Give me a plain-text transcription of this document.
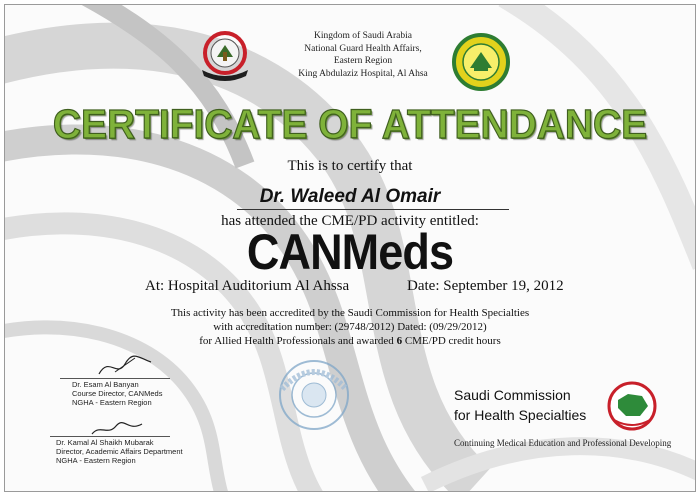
Kingdom of Saudi Arabia
National Guard Health Affairs,
Eastern Region
King Abdulaziz Hospital, Al Ahsa
CERTIFICATE OF ATTENDANCE
This is to certify that
Dr. Waleed Al Omair
has attended the CME/PD activity entitled:
CANMeds
At: Hospital Auditorium Al Ahssa	Date: September 19, 2012
This activity has been accredited by the Saudi Commission for Health Specialties
with accreditation number: (29748/2012) Dated: (09/29/2012)
for Allied Health Professionals and awarded 6 CME/PD credit hours
Dr. Esam Al Banyan
Course Director, CANMeds
NGHA - Eastern Region
Dr. Kamal Al Shaikh Mubarak
Director, Academic Affairs Department
NGHA - Eastern Region
Saudi Commission
for Health Specialties
Continuing Medical Education and Professional Developing
